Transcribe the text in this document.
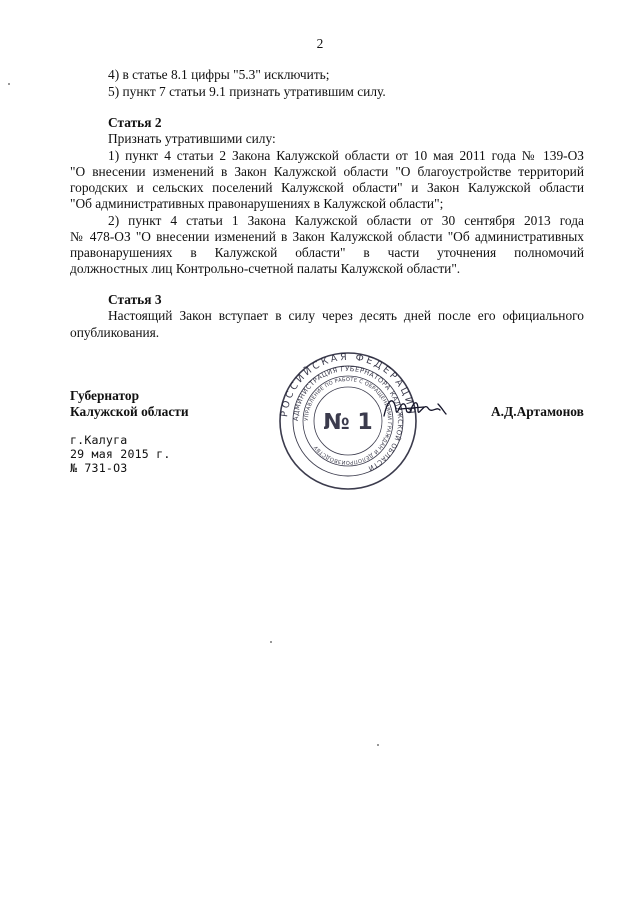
2
4) в статье 8.1 цифры "5.3" исключить;
5) пункт 7 статьи 9.1 признать утратившим силу.
Статья 2
Признать утратившими силу:
1) пункт 4 статьи 2 Закона Калужской области от 10 мая 2011 года № 139-ОЗ
"О внесении изменений в Закон Калужской области "О благоустройстве территорий
городских и сельских поселений Калужской области" и Закон Калужской области
"Об административных правонарушениях в Калужской области";
2) пункт 4 статьи 1 Закона Калужской области от 30 сентября 2013 года
№ 478-ОЗ "О внесении изменений в Закон Калужской области "Об административных
правонарушениях в Калужской области" в части уточнения полномочий
должностных лиц Контрольно-счетной палаты Калужской области".
Статья 3
Настоящий Закон вступает в силу через десять дней после его официального
опубликования.
Губернатор
Калужской области	А.Д.Артамонов
г.Калуга
29 мая 2015 г.
№ 731-ОЗ
РОССИЙСКАЯ ФЕДЕРАЦИЯ
АДМИНИСТРАЦИЯ ГУБЕРНАТОРА КАЛУЖСКОЙ ОБЛАСТИ
УПРАВЛЕНИЕ ПО РАБОТЕ С ОБРАЩЕНИЯМИ ГРАЖДАН И ДЕЛОПРОИЗВОДСТВУ
№ 1
